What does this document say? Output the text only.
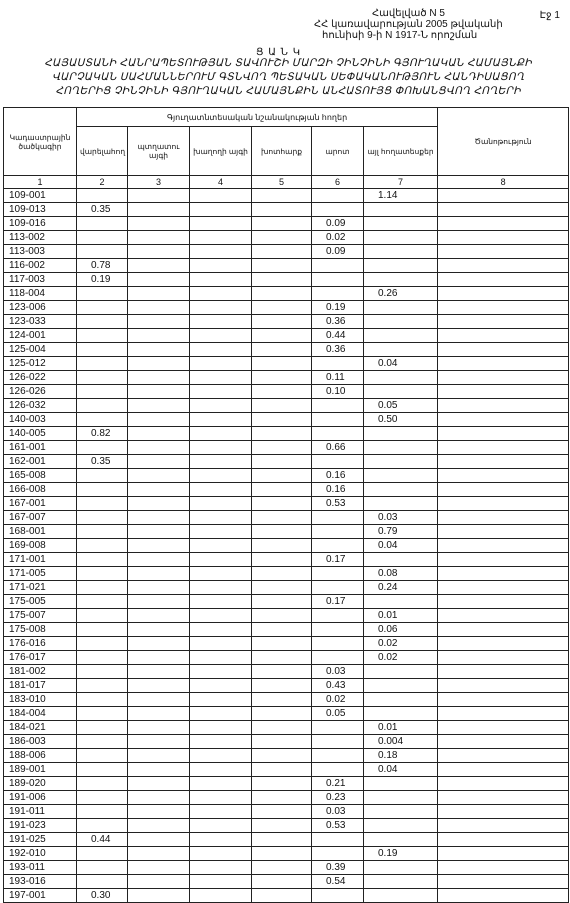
Էջ 1
Հավելված N 5
ՀՀ կառավարության 2005 թվականի
հունիսի 9-ի N 1917-Ն որոշման
Ց Ա Ն Կ
ՀԱՅԱՍՏԱՆԻ ՀԱՆՐԱՊԵՏՈՒԹՅԱՆ ՏԱՎՈՒՇԻ ՄԱՐԶԻ ՉԻՆՉԻՆԻ ԳՅՈՒՂԱԿԱՆ ՀԱՄԱՅՆՔԻ
ՎԱՐՉԱԿԱՆ ՍԱՀՄԱՆՆԵՐՈՒՄ ԳՏՆՎՈՂ ՊԵՏԱԿԱՆ ՍԵՓԱԿԱՆՈՒԹՅՈՒՆ ՀԱՆԴԻՍԱՑՈՂ
ՀՈՂԵՐԻՑ ՉԻՆՉԻՆԻ ԳՅՈՒՂԱԿԱՆ ՀԱՄԱՅՆՔԻՆ ԱՆՀԱՏՈՒՅՑ ՓՈԽԱՆՑՎՈՂ ՀՈՂԵՐԻ
Կադաստրային ծածկագիր	Գյուղատնտեսական նշանակության հողեր						Ծանոթություն
	վարելահող	պտղատու այգի	խաղողի այգի	խոտհարք	արոտ	այլ հողատեսքեր	
1	2	3	4	5	6	7	8
109-001						1.14	
109-013	0.35						
109-016					0.09		
113-002					0.02		
113-003					0.09		
116-002	0.78						
117-003	0.19						
118-004						0.26	
123-006					0.19		
123-033					0.36		
124-001					0.44		
125-004					0.36		
125-012						0.04	
126-022					0.11		
126-026					0.10		
126-032						0.05	
140-003						0.50	
140-005	0.82						
161-001					0.66		
162-001	0.35						
165-008					0.16		
166-008					0.16		
167-001					0.53		
167-007						0.03	
168-001						0.79	
169-008						0.04	
171-001					0.17		
171-005						0.08	
171-021						0.24	
175-005					0.17		
175-007						0.01	
175-008						0.06	
176-016						0.02	
176-017						0.02	
181-002					0.03		
181-017					0.43		
183-010					0.02		
184-004					0.05		
184-021						0.01	
186-003						0.004	
188-006						0.18	
189-001						0.04	
189-020					0.21		
191-006					0.23		
191-011					0.03		
191-023					0.53		
191-025	0.44						
192-010						0.19	
193-011					0.39		
193-016					0.54		
197-001	0.30						
